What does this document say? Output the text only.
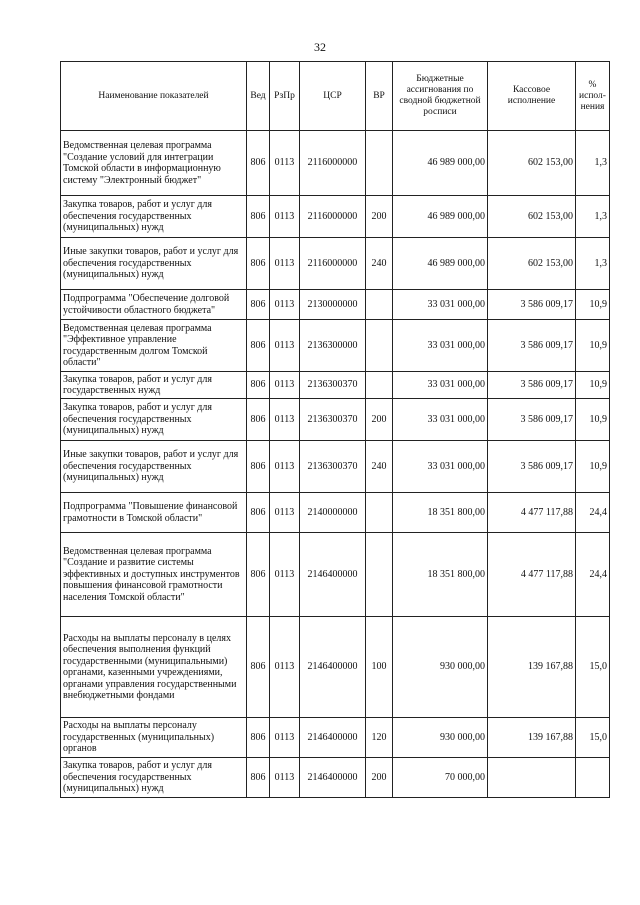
32
Наименование показателей	Вед	РзПр	ЦСР	ВР	Бюджетные ассигнования по сводной бюджетной росписи	Кассовое исполнение	% испол-нения
Ведомственная целевая программа "Создание условий для интеграции Томской области в информационную систему "Электронный бюджет"	806	0113	2116000000		46 989 000,00	602 153,00	1,3
Закупка товаров, работ и услуг для обеспечения государственных (муниципальных) нужд	806	0113	2116000000	200	46 989 000,00	602 153,00	1,3
Иные закупки товаров, работ и услуг для обеспечения государственных (муниципальных) нужд	806	0113	2116000000	240	46 989 000,00	602 153,00	1,3
Подпрограмма "Обеспечение долговой устойчивости областного бюджета"	806	0113	2130000000		33 031 000,00	3 586 009,17	10,9
Ведомственная целевая программа "Эффективное управление государственным долгом Томской области"	806	0113	2136300000		33 031 000,00	3 586 009,17	10,9
Закупка товаров, работ и услуг для государственных нужд	806	0113	2136300370		33 031 000,00	3 586 009,17	10,9
Закупка товаров, работ и услуг для обеспечения государственных (муниципальных) нужд	806	0113	2136300370	200	33 031 000,00	3 586 009,17	10,9
Иные закупки товаров, работ и услуг для обеспечения государственных (муниципальных) нужд	806	0113	2136300370	240	33 031 000,00	3 586 009,17	10,9
Подпрограмма "Повышение финансовой грамотности в Томской области"	806	0113	2140000000		18 351 800,00	4 477 117,88	24,4
Ведомственная целевая программа "Создание и развитие системы эффективных и доступных инструментов повышения финансовой грамотности населения Томской области"	806	0113	2146400000		18 351 800,00	4 477 117,88	24,4
Расходы на выплаты персоналу в целях обеспечения выполнения функций государственными (муниципальными) органами, казенными учреждениями, органами управления государственными внебюджетными фондами	806	0113	2146400000	100	930 000,00	139 167,88	15,0
Расходы на выплаты персоналу государственных (муниципальных) органов	806	0113	2146400000	120	930 000,00	139 167,88	15,0
Закупка товаров, работ и услуг для обеспечения государственных (муниципальных) нужд	806	0113	2146400000	200	70 000,00		
